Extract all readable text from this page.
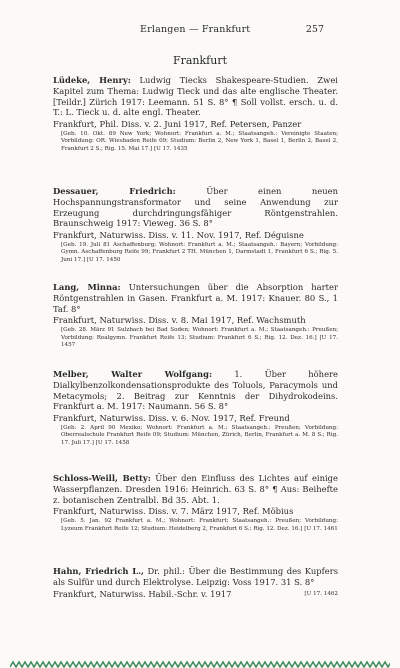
Erlangen — Frankfurt	257
Frankfurt

Lüdeke, Henry: Ludwig Tiecks Shakespeare-Studien. Zwei Kapitel zum Thema: Ludwig Tieck und das alte englische Theater. [Teildr.] Zürich 1917: Leemann. 51 S. 8° ¶ Soll vollst. ersch. u. d. T.: L. Tieck u. d. alte engl. Theater.

Frankfurt, Phil. Diss. v. 2. Juni 1917, Ref. Petersen, Panzer

[Geb. 10. Okt. 89 New York; Wohnort: Frankfurt a. M.; Staatsangeh.: Vereinigte Staaten; Vorbildung: OR. Wiesbaden Reife 09; Studium: Berlin 2, New York 1, Basel 1, Berlin 2, Basel 2, Frankfurt 2 S.; Rig. 15. Mai 17.] [U 17. 1435

Dessauer, Friedrich:	Über einen neuen Hochspannungstransformator und seine Anwendung zur Erzeugung durchdringungsfähiger Röntgenstrahlen. Braunschweig 1917: Vieweg. 36 S. 8°

Frankfurt, Naturwiss. Diss. v. 11. Nov. 1917, Ref. Déguisne

[Geb. 19. Juli 81 Aschaffenburg; Wohnort: Frankfurt a. M.; Staatsangeh.: Bayern; Vorbildung: Gymn. Aschaffenburg Reife 99; Frankfurt 2 TH. München 1, Darmstadt 1, Frankfurt 6 S.; Rig. 5. Juni 17.] [U 17. 1450

Lang, Minna: Untersuchungen über die Absorption harter Röntgenstrahlen in Gasen. Frankfurt a. M. 1917: Knauer. 80 S., 1 Taf. 8°

Frankfurt, Naturwiss. Diss. v. 8. Mai 1917, Ref. Wachsmuth

[Geb. 28. März 91 Sulzbach bei Bad Soden; Wohnort: Frankfurt a. M.; Staatsangeh.: Preußen; Vorbildung: Realgymn. Frankfurt Reife 13; Studium: Frankfurt 6 S.; Rig. 12. Dez. 16.] [U 17. 1457

Melber, Walter Wolfgang:	1. Über höhere Dialkylbenzolkondensationsprodukte des Toluols, Paracymols und Metacymols; 2. Beitrag zur Kenntnis der Dihydrokodeins. Frankfurt a. M. 1917: Naumann. 56 S. 8°

Frankfurt, Naturwiss. Diss. v. 6. Nov. 1917, Ref. Freund

[Geb. 2. April 90 Mexiko; Wohnort: Frankfurt a. M.; Staatsangeh.: Preußen; Vorbildung: Oberrealschule Frankfurt Reife 09; Studium: München, Zürich, Berlin, Frankfurt a. M. 8 S.; Rig. 17. Juli 17.] [U 17. 1458

Schloss-Weill, Betty: Über den Einfluss des Lichtes auf einige Wasserpflanzen. Dresden 1916: Heinrich. 63 S. 8° ¶ Aus: Beihefte z. botanischen Zentralbl. Bd 35. Abt. 1.

Frankfurt, Naturwiss. Diss. v. 7. März 1917, Ref. Möbius

[Geb. 5. Jan. 92 Frankfurt a. M.; Wohnort: Frankfurt; Staatsangeh.: Preußen; Vorbildung: Lyzeum Frankfurt Reife 12; Studium: Heidelberg 2, Frankfurt 6 S.; Rig. 12. Dez. 16.] [U 17. 1461

Hahn, Friedrich L., Dr. phil.: Über die Bestimmung des Kupfers als Sulfür und durch Elektrolyse. Leipzig: Voss 1917. 31 S. 8°

Frankfurt, Naturwiss. Habil.-Schr. v. 1917	[U 17. 1462
